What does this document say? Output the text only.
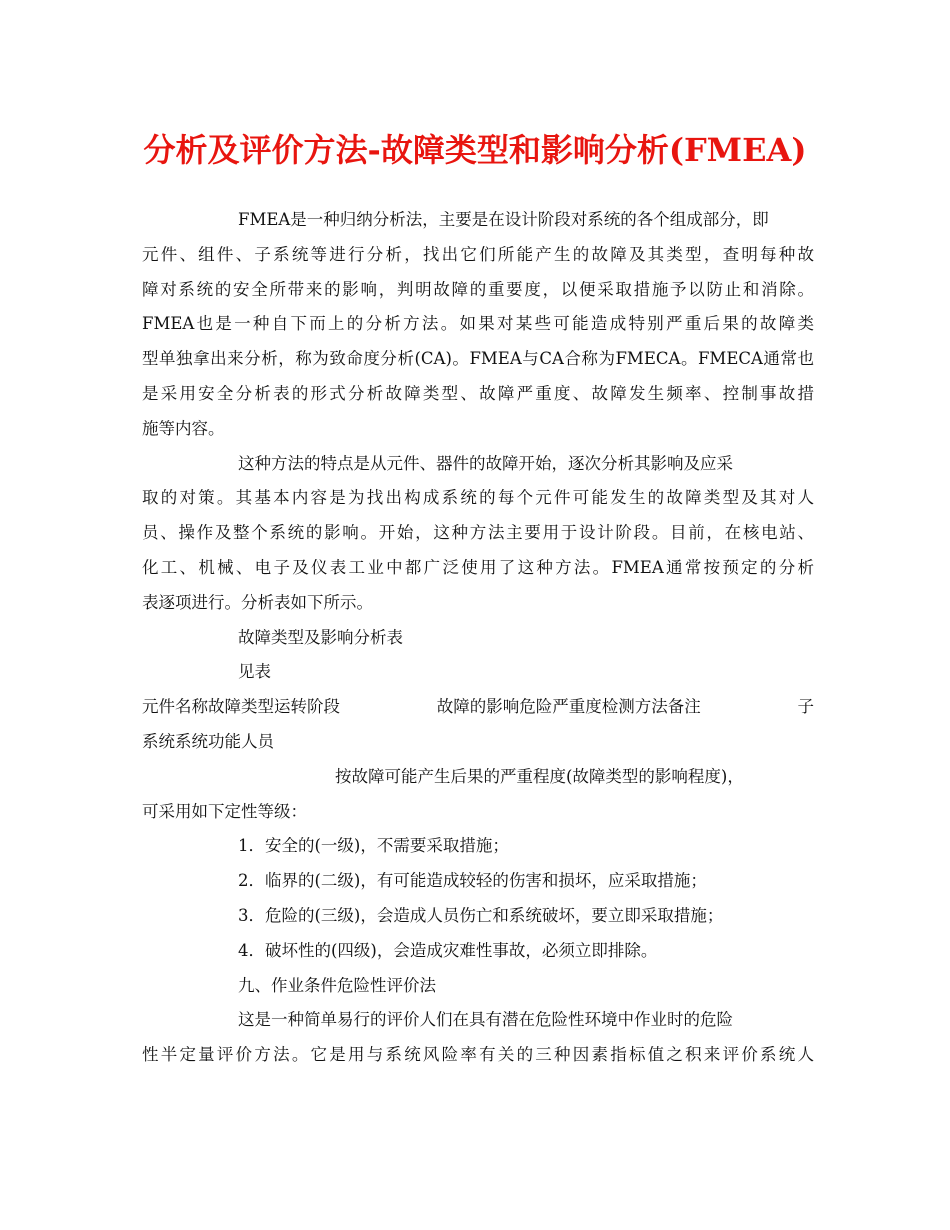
分析及评价方法-故障类型和影响分析(FMEA)
FMEA是一种归纳分析法，主要是在设计阶段对系统的各个组成部分，即
元件、组件、子系统等进行分析，找出它们所能产生的故障及其类型，查明每种故
障对系统的安全所带来的影响，判明故障的重要度，以便采取措施予以防止和消除。
FMEA也是一种自下而上的分析方法。如果对某些可能造成特别严重后果的故障类
型单独拿出来分析，称为致命度分析(CA)。FMEA与CA合称为FMECA。FMECA通常也
是采用安全分析表的形式分析故障类型、故障严重度、故障发生频率、控制事故措
施等内容。
这种方法的特点是从元件、器件的故障开始，逐次分析其影响及应采
取的对策。其基本内容是为找出构成系统的每个元件可能发生的故障类型及其对人
员、操作及整个系统的影响。开始，这种方法主要用于设计阶段。目前，在核电站、
化工、机械、电子及仪表工业中都广泛使用了这种方法。FMEA通常按预定的分析
表逐项进行。分析表如下所示。
故障类型及影响分析表
见表
元件名称故障类型运转阶段	故障的影响危险严重度检测方法备注	子
系统系统功能人员
按故障可能产生后果的严重程度(故障类型的影响程度)，
可采用如下定性等级：
1．安全的(一级)，不需要采取措施；
2．临界的(二级)，有可能造成较轻的伤害和损坏，应采取措施；
3．危险的(三级)，会造成人员伤亡和系统破坏，要立即采取措施；
4．破坏性的(四级)，会造成灾难性事故，必须立即排除。
九、作业条件危险性评价法
这是一种简单易行的评价人们在具有潜在危险性环境中作业时的危险
性半定量评价方法。它是用与系统风险率有关的三种因素指标值之积来评价系统人
